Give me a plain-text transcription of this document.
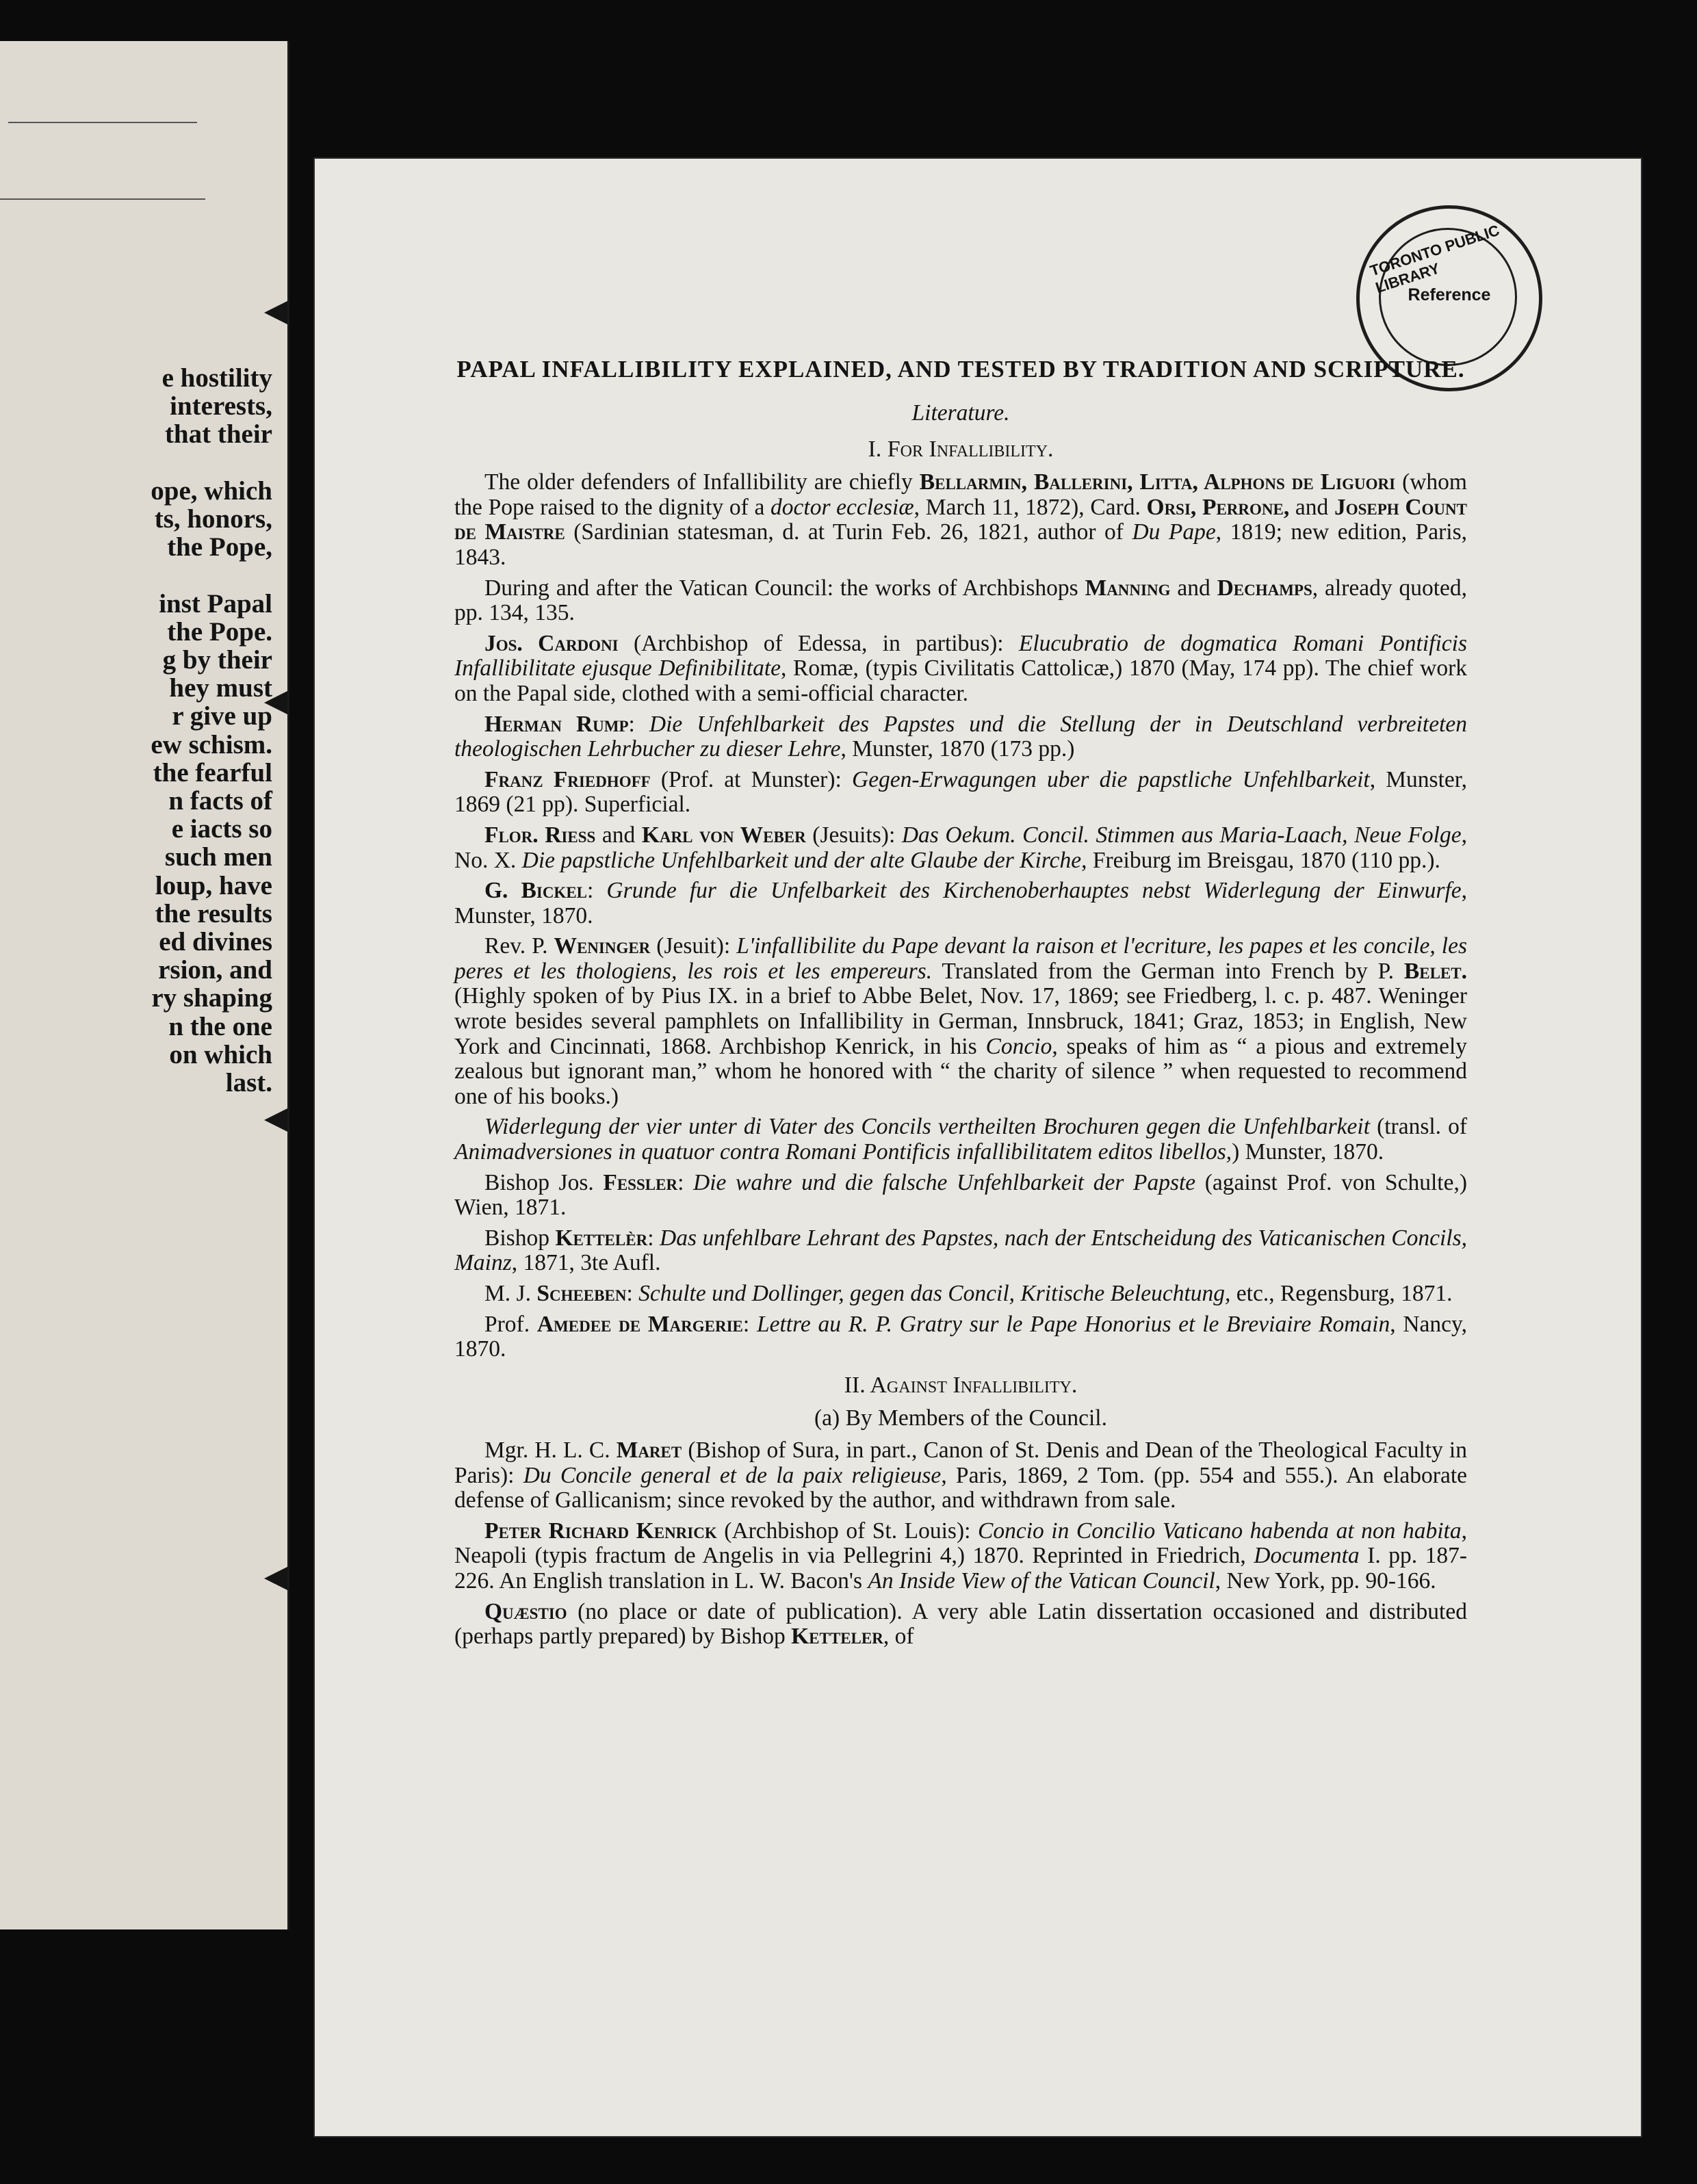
e hostility
interests,
that their

ope, which
ts, honors,
the Pope,

inst Papal
the Pope.
g by their
hey must
r give up
ew schism.
the fearful
n facts of
e iacts so
such men
loup, have
the results
ed divines
rsion, and
ry shaping
n the one
on which
last.
TORONTO PUBLIC LIBRARY
Reference
PAPAL INFALLIBILITY EXPLAINED, AND TESTED BY TRADITION AND SCRIPTURE.
Literature.
I. For Infallibility.

The older defenders of Infallibility are chiefly Bellarmin, Ballerini, Litta, Alphons de Liguori (whom the Pope raised to the dignity of a doctor ecclesiæ, March 11, 1872), Card. Orsi, Perrone, and Joseph Count de Maistre (Sardinian statesman, d. at Turin Feb. 26, 1821, author of Du Pape, 1819; new edition, Paris, 1843.

During and after the Vatican Council: the works of Archbishops Manning and Dechamps, already quoted, pp. 134, 135.

Jos. Cardoni (Archbishop of Edessa, in partibus): Elucubratio de dogmatica Romani Pontificis Infallibilitate ejusque Definibilitate, Romæ, (typis Civilitatis Cattolicæ,) 1870 (May, 174 pp). The chief work on the Papal side, clothed with a semi-official character.

Herman Rump: Die Unfehlbarkeit des Papstes und die Stellung der in Deutschland verbreiteten theologischen Lehrbucher zu dieser Lehre, Munster, 1870 (173 pp.)

Franz Friedhoff (Prof. at Munster): Gegen-Erwagungen uber die papstliche Unfehlbarkeit, Munster, 1869 (21 pp). Superficial.

Flor. Riess and Karl von Weber (Jesuits): Das Oekum. Concil. Stimmen aus Maria-Laach, Neue Folge, No. X. Die papstliche Unfehlbarkeit und der alte Glaube der Kirche, Freiburg im Breisgau, 1870 (110 pp.).

G. Bickel: Grunde fur die Unfelbarkeit des Kirchenoberhauptes nebst Widerlegung der Einwurfe, Munster, 1870.

Rev. P. Weninger (Jesuit): L'infallibilite du Pape devant la raison et l'ecriture, les papes et les concile, les peres et les thologiens, les rois et les empereurs. Translated from the German into French by P. Belet. (Highly spoken of by Pius IX. in a brief to Abbe Belet, Nov. 17, 1869; see Friedberg, l. c. p. 487. Weninger wrote besides several pamphlets on Infallibility in German, Innsbruck, 1841; Graz, 1853; in English, New York and Cincinnati, 1868. Archbishop Kenrick, in his Concio, speaks of him as “ a pious and extremely zealous but ignorant man,” whom he honored with “ the charity of silence ” when requested to recommend one of his books.)

Widerlegung der vier unter di Vater des Concils vertheilten Brochuren gegen die Unfehlbarkeit (transl. of Animadversiones in quatuor contra Romani Pontificis infallibilitatem editos libellos,) Munster, 1870.

Bishop Jos. Fessler: Die wahre und die falsche Unfehlbarkeit der Papste (against Prof. von Schulte,) Wien, 1871.

Bishop Kettelèr: Das unfehlbare Lehrant des Papstes, nach der Entscheidung des Vaticanischen Concils, Mainz, 1871, 3te Aufl.

M. J. Scheeben: Schulte und Dollinger, gegen das Concil, Kritische Beleuchtung, etc., Regensburg, 1871.

Prof. Amedee de Margerie: Lettre au R. P. Gratry sur le Pape Honorius et le Breviaire Romain, Nancy, 1870.

II. Against Infallibility.
(a) By Members of the Council.

Mgr. H. L. C. Maret (Bishop of Sura, in part., Canon of St. Denis and Dean of the Theological Faculty in Paris): Du Concile general et de la paix religieuse, Paris, 1869, 2 Tom. (pp. 554 and 555.). An elaborate defense of Gallicanism; since revoked by the author, and withdrawn from sale.

Peter Richard Kenrick (Archbishop of St. Louis): Concio in Concilio Vaticano habenda at non habita, Neapoli (typis fractum de Angelis in via Pellegrini 4,) 1870. Reprinted in Friedrich, Documenta I. pp. 187- 226. An English translation in L. W. Bacon's An Inside View of the Vatican Council, New York, pp. 90-166.

Quæstio (no place or date of publication). A very able Latin dissertation occasioned and distributed (perhaps partly prepared) by Bishop Ketteler, of
